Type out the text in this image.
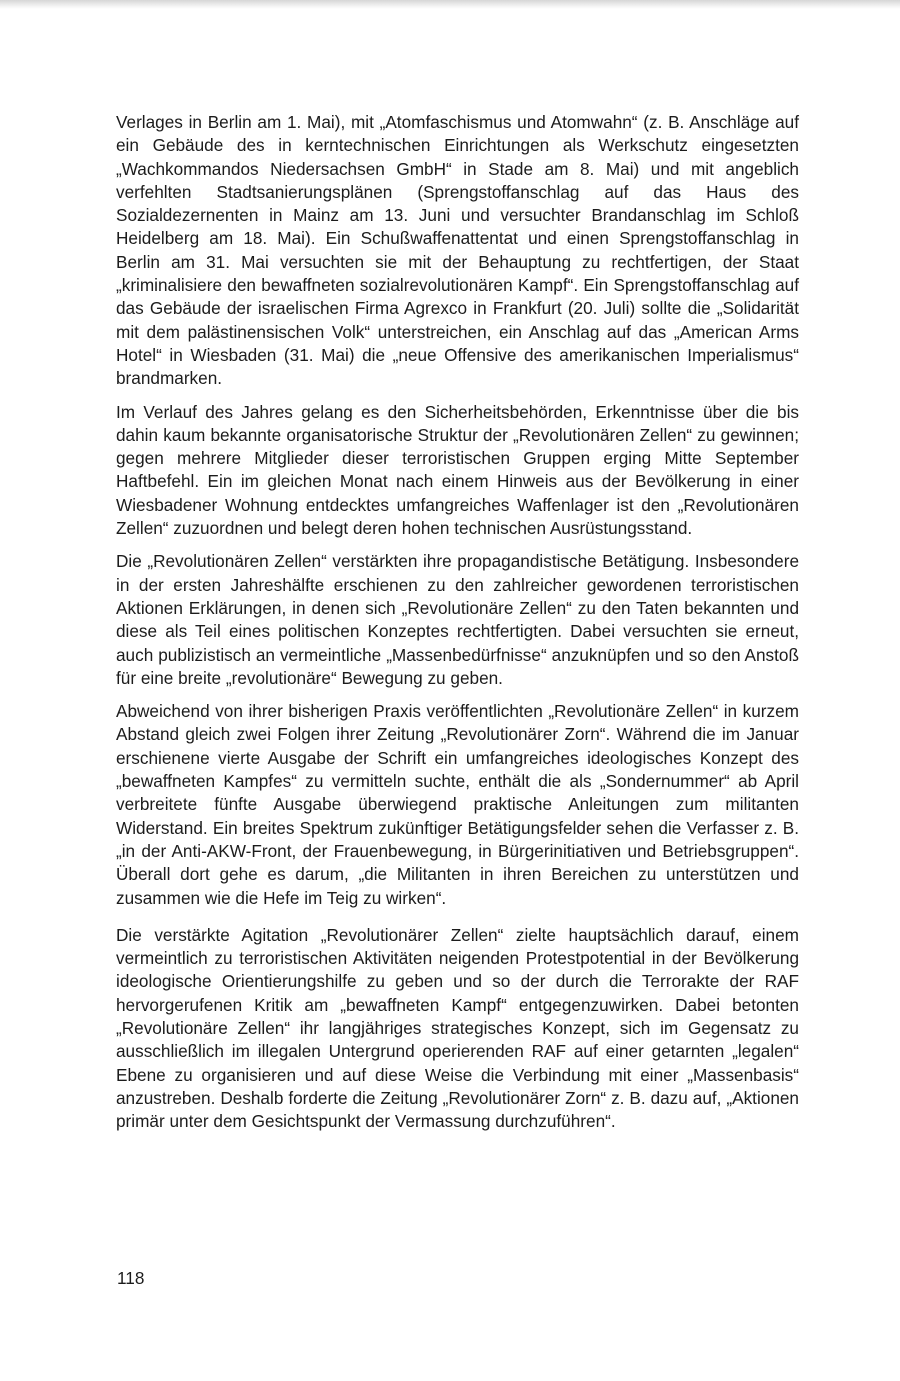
Verlages in Berlin am 1. Mai), mit „Atomfaschismus und Atomwahn“ (z. B. Anschläge auf ein Gebäude des in kerntechnischen Einrichtungen als Werkschutz eingesetzten „Wachkommandos Niedersachsen GmbH“ in Stade am 8. Mai) und mit angeblich verfehlten Stadtsanierungsplänen (Sprengstoffanschlag auf das Haus des Sozialdezernenten in Mainz am 13. Juni und versuchter Brandanschlag im Schloß Heidelberg am 18. Mai). Ein Schußwaffenattentat und einen Sprengstoffanschlag in Berlin am 31. Mai versuchten sie mit der Behauptung zu rechtfertigen, der Staat „kriminalisiere den bewaffneten sozialrevolutionären Kampf“. Ein Sprengstoffanschlag auf das Gebäude der israelischen Firma Agrexco in Frankfurt (20. Juli) sollte die „Solidarität mit dem palästinensischen Volk“ unterstreichen, ein Anschlag auf das „American Arms Hotel“ in Wiesbaden (31. Mai) die „neue Offensive des amerikanischen Imperialismus“ brandmarken.

Im Verlauf des Jahres gelang es den Sicherheitsbehörden, Erkenntnisse über die bis dahin kaum bekannte organisatorische Struktur der „Revolutionären Zellen“ zu gewinnen; gegen mehrere Mitglieder dieser terroristischen Gruppen erging Mitte September Haftbefehl. Ein im gleichen Monat nach einem Hinweis aus der Bevölkerung in einer Wiesbadener Wohnung entdecktes umfangreiches Waffenlager ist den „Revolutionären Zellen“ zuzuordnen und belegt deren hohen technischen Ausrüstungsstand.

Die „Revolutionären Zellen“ verstärkten ihre propagandistische Betätigung. Insbesondere in der ersten Jahreshälfte erschienen zu den zahlreicher gewordenen terroristischen Aktionen Erklärungen, in denen sich „Revolutionäre Zellen“ zu den Taten bekannten und diese als Teil eines politischen Konzeptes rechtfertigten. Dabei versuchten sie erneut, auch publizistisch an vermeintliche „Massenbedürfnisse“ anzuknüpfen und so den Anstoß für eine breite „revolutionäre“ Bewegung zu geben.

Abweichend von ihrer bisherigen Praxis veröffentlichten „Revolutionäre Zellen“ in kurzem Abstand gleich zwei Folgen ihrer Zeitung „Revolutionärer Zorn“. Während die im Januar erschienene vierte Ausgabe der Schrift ein umfangreiches ideologisches Konzept des „bewaffneten Kampfes“ zu vermitteln suchte, enthält die als „Sondernummer“ ab April verbreitete fünfte Ausgabe überwiegend praktische Anleitungen zum militanten Widerstand. Ein breites Spektrum zukünftiger Betätigungsfelder sehen die Verfasser z. B. „in der Anti-AKW-Front, der Frauenbewegung, in Bürgerinitiativen und Betriebsgruppen“. Überall dort gehe es darum, „die Militanten in ihren Bereichen zu unterstützen und zusammen wie die Hefe im Teig zu wirken“.

Die verstärkte Agitation „Revolutionärer Zellen“ zielte hauptsächlich darauf, einem vermeintlich zu terroristischen Aktivitäten neigenden Protestpotential in der Bevölkerung ideologische Orientierungshilfe zu geben und so der durch die Terrorakte der RAF hervorgerufenen Kritik am „bewaffneten Kampf“ entgegenzuwirken. Dabei betonten „Revolutionäre Zellen“ ihr langjähriges strategisches Konzept, sich im Gegensatz zu ausschließlich im illegalen Untergrund operierenden RAF auf einer getarnten „legalen“ Ebene zu organisieren und auf diese Weise die Verbindung mit einer „Massenbasis“ anzustreben. Deshalb forderte die Zeitung „Revolutionärer Zorn“ z. B. dazu auf, „Aktionen primär unter dem Gesichtspunkt der Vermassung durchzuführen“.

118
